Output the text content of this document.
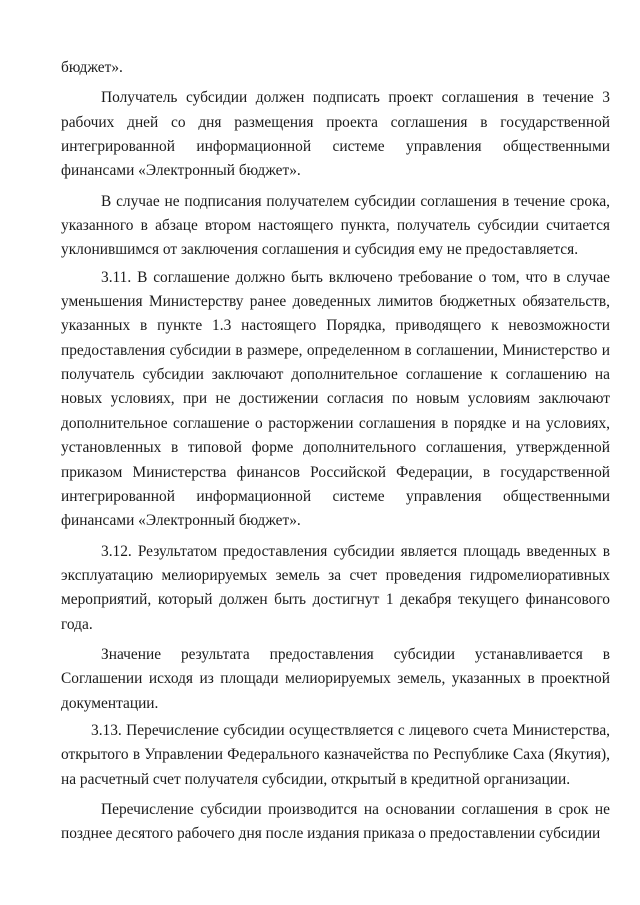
бюджет».

Получатель субсидии должен подписать проект соглашения в течение 3 рабочих дней со дня размещения проекта соглашения в государственной интегрированной информационной системе управления общественными финансами «Электронный бюджет».

В случае не подписания получателем субсидии соглашения в течение срока, указанного в абзаце втором настоящего пункта, получатель субсидии считается уклонившимся от заключения соглашения и субсидия ему не предоставляется.

3.11. В соглашение должно быть включено требование о том, что в случае уменьшения Министерству ранее доведенных лимитов бюджетных обязательств, указанных в пункте 1.3 настоящего Порядка, приводящего к невозможности предоставления субсидии в размере, определенном в соглашении, Министерство и получатель субсидии заключают дополнительное соглашение к соглашению на новых условиях, при не достижении согласия по новым условиям заключают дополнительное соглашение о расторжении соглашения в порядке и на условиях, установленных в типовой форме дополнительного соглашения, утвержденной приказом Министерства финансов Российской Федерации, в государственной интегрированной информационной системе управления общественными финансами «Электронный бюджет».

3.12. Результатом предоставления субсидии является площадь введенных в эксплуатацию мелиорируемых земель за счет проведения гидромелиоративных мероприятий, который должен быть достигнут 1 декабря текущего финансового года.

Значение результата предоставления субсидии устанавливается в Соглашении исходя из площади мелиорируемых земель, указанных в проектной документации.

3.13. Перечисление субсидии осуществляется с лицевого счета Министерства, открытого в Управлении Федерального казначейства по Республике Саха (Якутия), на расчетный счет получателя субсидии, открытый в кредитной организации.

Перечисление субсидии производится на основании соглашения в срок не позднее десятого рабочего дня после издания приказа о предоставлении субсидии
